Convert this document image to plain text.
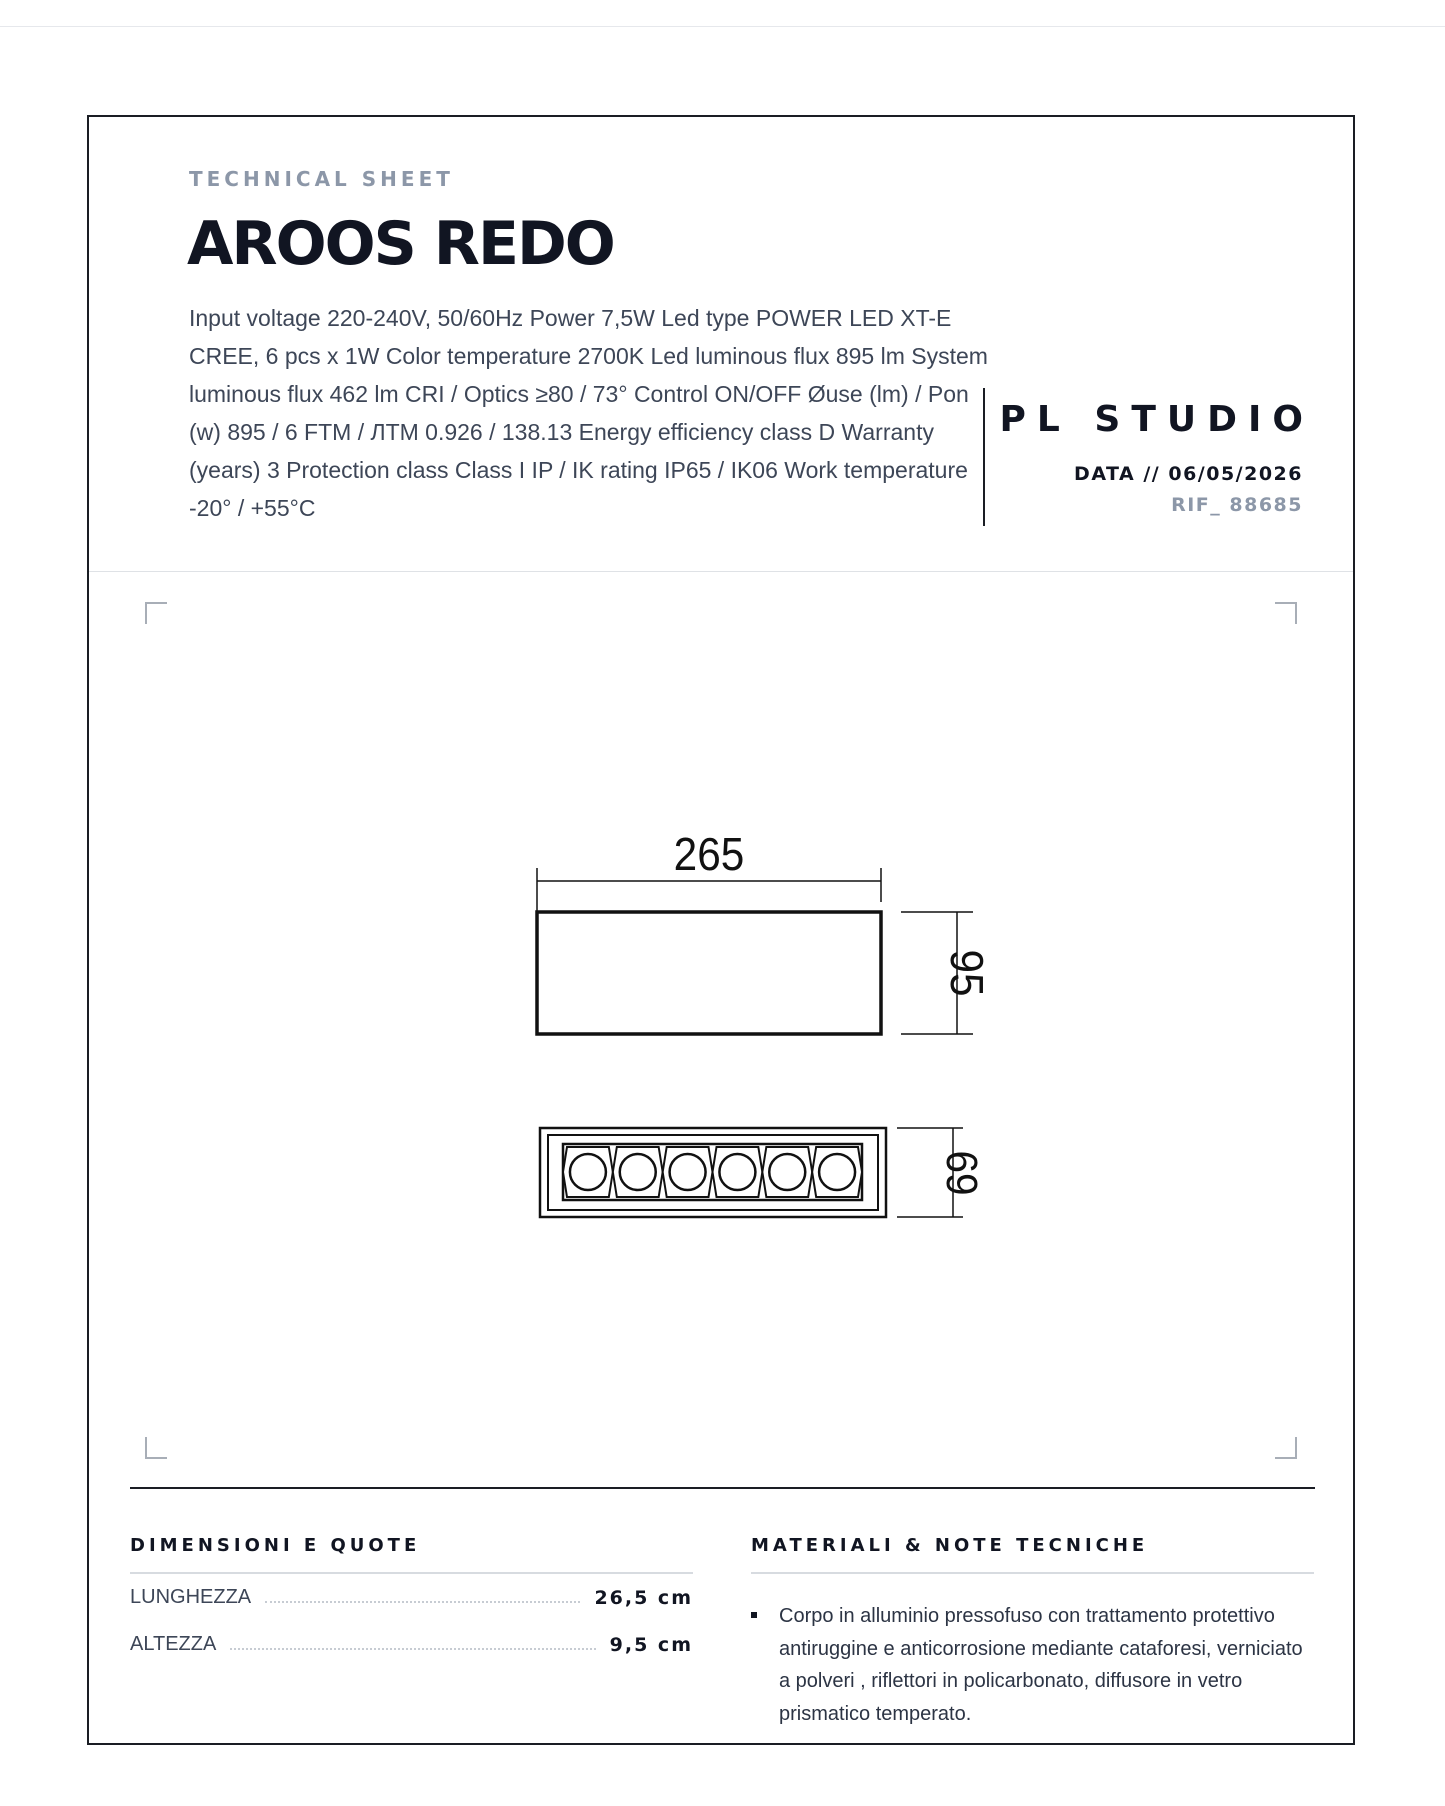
TECHNICAL SHEET
AROOS REDO
Input voltage 220-240V, 50/60Hz Power 7,5W Led type POWER LED XT-E CREE, 6 pcs x 1W Color temperature 2700K Led luminous flux 895 lm System luminous flux 462 lm CRI / Optics ≥80 / 73° Control ON/OFF Øuse (lm) / Pon (w) 895 / 6 FTM / ЛТМ 0.926 / 138.13 Energy efficiency class D Warranty (years) 3 Protection class Class I IP / IK rating IP65 / IK06 Work temperature -20° / +55°C
PL STUDIO
DATA // 06/05/2026
RIF_ 88685
265
95
69
DIMENSIONI E QUOTE
LUNGHEZZA	26,5 cm
ALTEZZA	9,5 cm
MATERIALI & NOTE TECNICHE
Corpo in alluminio pressofuso con trattamento protettivo antiruggine e anticorrosione mediante cataforesi, verniciato a polveri , riflettori in policarbonato, diffusore in vetro prismatico temperato.
